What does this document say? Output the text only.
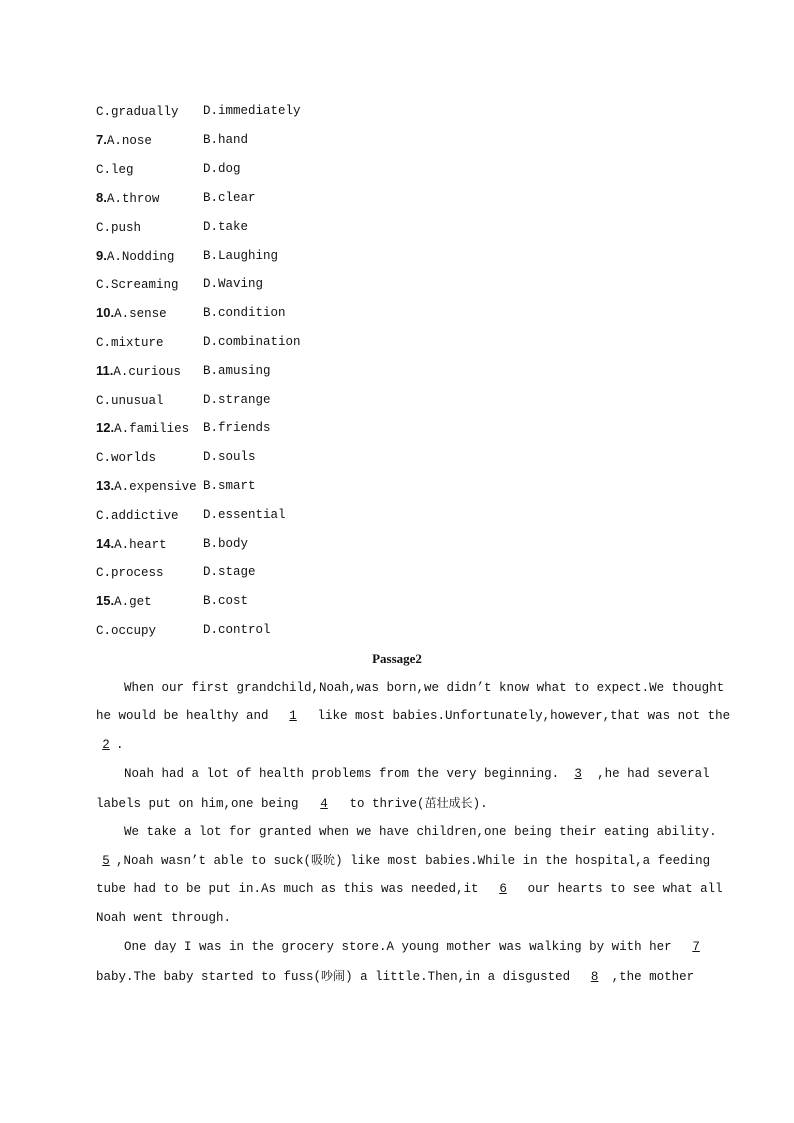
C.gradually D.immediately
7.A.nose	B.hand
C.leg	D.dog
8.A.throw	B.clear
C.push	D.take
9.A.Nodding B.Laughing
C.Screaming D.Waving
10.A.sense	B.condition
C.mixture	D.combination
11.A.curious B.amusing
C.unusual	D.strange
12.A.families B.friends
C.worlds	D.souls
13.A.expensive B.smart
C.addictive D.essential
14.A.heart	B.body
C.process	D.stage
15.A.get	B.cost
C.occupy	D.control
Passage2
When our first grandchild,Noah,was born,we didn’t know what to expect.We thought
he would be healthy and 1 like most babies.Unfortunately,however,that was not the
2 .
Noah had a lot of health problems from the very beginning. 3 ,he had several
labels put on him,one being 4 to thrive(茁壮成长).
We take a lot for granted when we have children,one being their eating ability.
5 ,Noah wasn’t able to suck(吸吮) like most babies.While in the hospital,a feeding
tube had to be put in.As much as this was needed,it 6 our hearts to see what all
Noah went through.
One day I was in the grocery store.A young mother was walking by with her 7
baby.The baby started to fuss(吵闹) a little.Then,in a disgusted 8 ,the mother
